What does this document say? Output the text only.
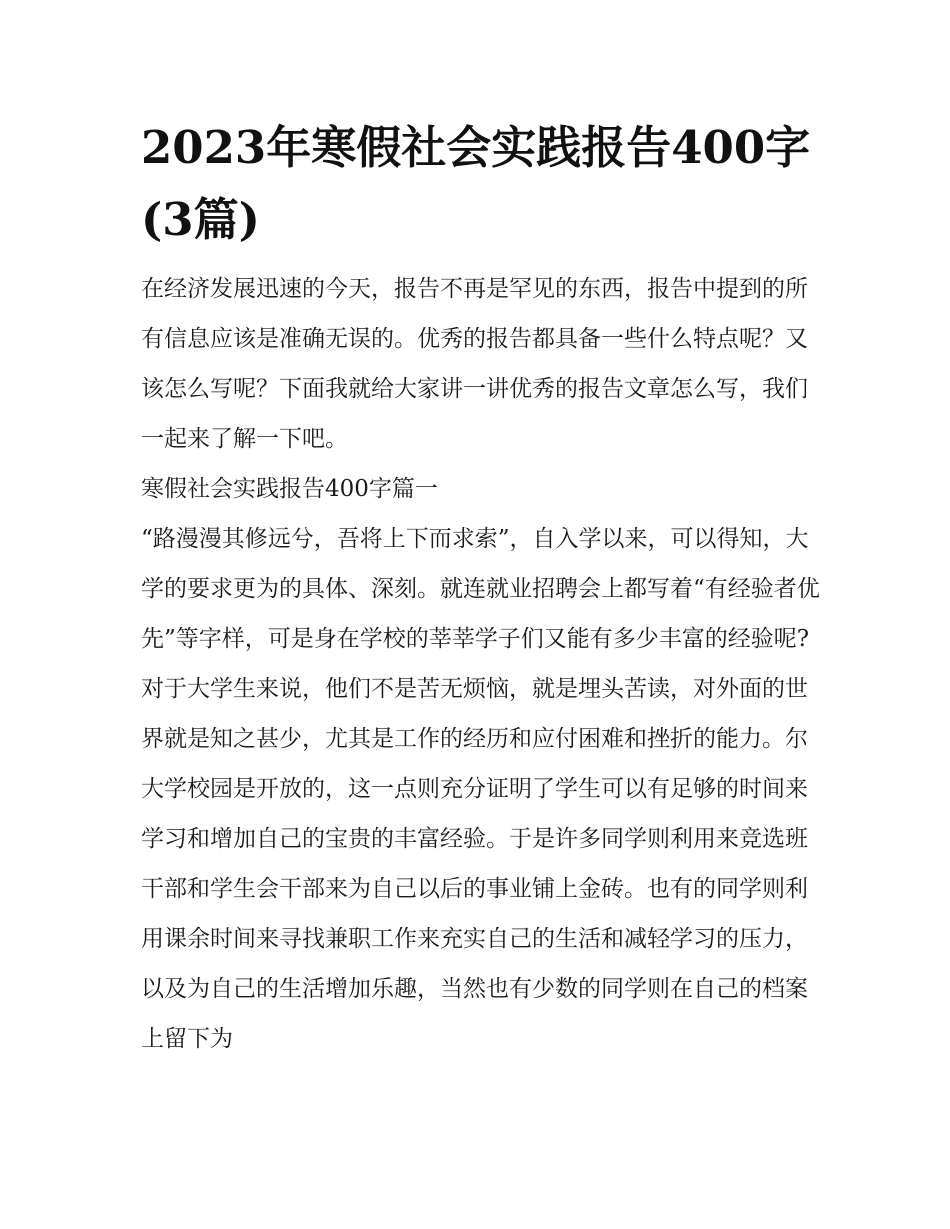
2023年寒假社会实践报告400字(3篇)

在经济发展迅速的今天，报告不再是罕见的东西，报告中提到的所有信息应该是准确无误的。优秀的报告都具备一些什么特点呢？又该怎么写呢？下面我就给大家讲一讲优秀的报告文章怎么写，我们一起来了解一下吧。

寒假社会实践报告400字篇一

“路漫漫其修远兮，吾将上下而求索”，自入学以来，可以得知，大学的要求更为的具体、深刻。就连就业招聘会上都写着“有经验者优先”等字样，可是身在学校的莘莘学子们又能有多少丰富的经验呢?对于大学生来说，他们不是苦无烦恼，就是埋头苦读，对外面的世界就是知之甚少，尤其是工作的经历和应付困难和挫折的能力。尔大学校园是开放的，这一点则充分证明了学生可以有足够的时间来学习和增加自己的宝贵的丰富经验。于是许多同学则利用来竞选班干部和学生会干部来为自己以后的事业铺上金砖。也有的同学则利用课余时间来寻找兼职工作来充实自己的生活和减轻学习的压力，以及为自己的生活增加乐趣，当然也有少数的同学则在自己的档案上留下为
